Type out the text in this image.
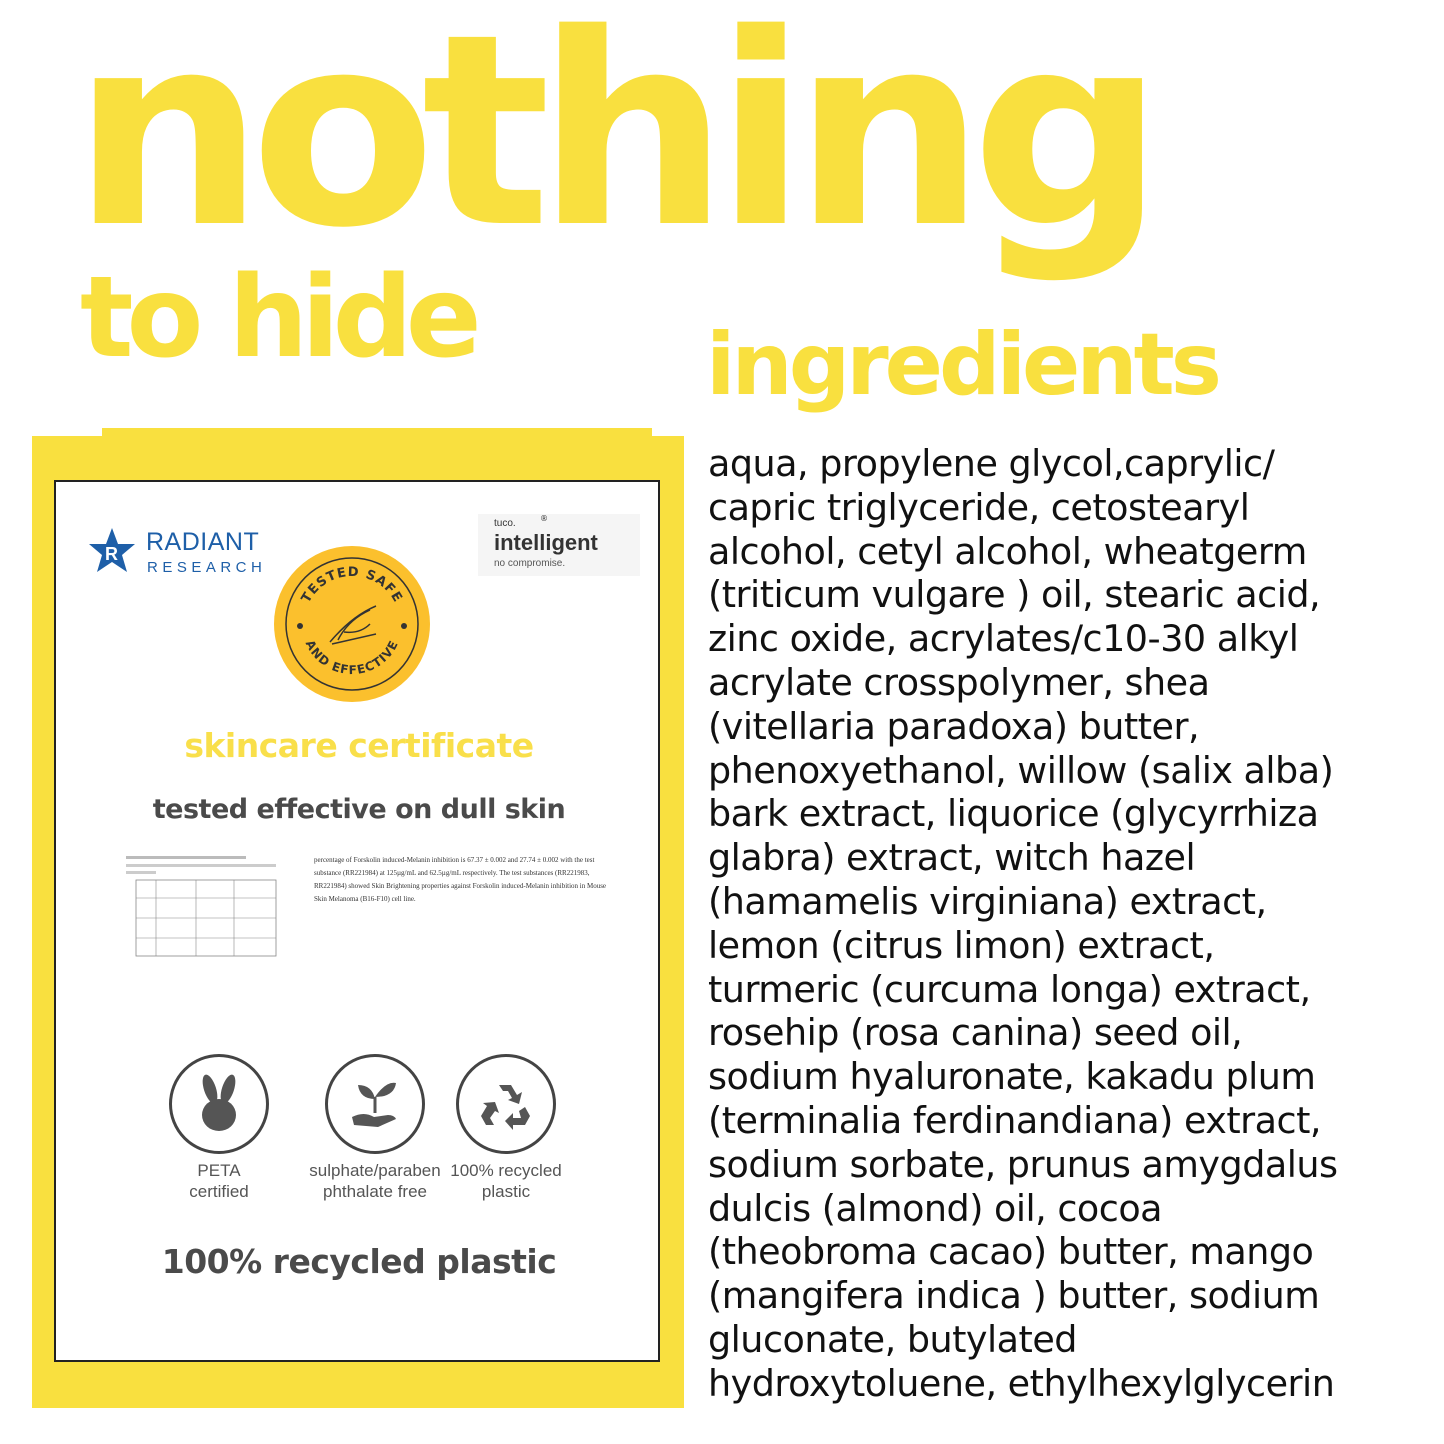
nothing
to hide	ingredients
aqua, propylene glycol,caprylic/
capric triglyceride, cetostearyl
alcohol, cetyl alcohol, wheatgerm
(triticum vulgare ) oil, stearic acid,
zinc oxide, acrylates/c10-30 alkyl
acrylate crosspolymer, shea
(vitellaria paradoxa) butter,
phenoxyethanol, willow (salix alba)
bark extract, liquorice (glycyrrhiza
glabra) extract, witch hazel
(hamamelis virginiana) extract,
lemon (citrus limon) extract,
turmeric (curcuma longa) extract,
rosehip (rosa canina) seed oil,
sodium hyaluronate, kakadu plum
(terminalia ferdinandiana) extract,
sodium sorbate, prunus amygdalus
dulcis (almond) oil, cocoa
(theobroma cacao) butter, mango
(mangifera indica ) butter, sodium
gluconate, butylated
hydroxytoluene, ethylhexylglycerin
R RADIANT
RESEARCH
tuco.	®
intelligent
no compromise.
TESTED SAFE
AND EFFECTIVE
skincare certificate
tested effective on dull skin
percentage of Forskolin induced-Melanin inhibition is 67.37 ± 0.002 and 27.74 ± 0.002 with the test substance (RR221984) at 125µg/mL and 62.5µg/mL respectively. The test substances (RR221983, RR221984) showed Skin Brightening properties against Forskolin induced-Melanin inhibition in Mouse Skin Melanoma (B16-F10) cell line.
PETA
certified
sulphate/paraben
phthalate free
100% recycled
plastic
100% recycled plastic
